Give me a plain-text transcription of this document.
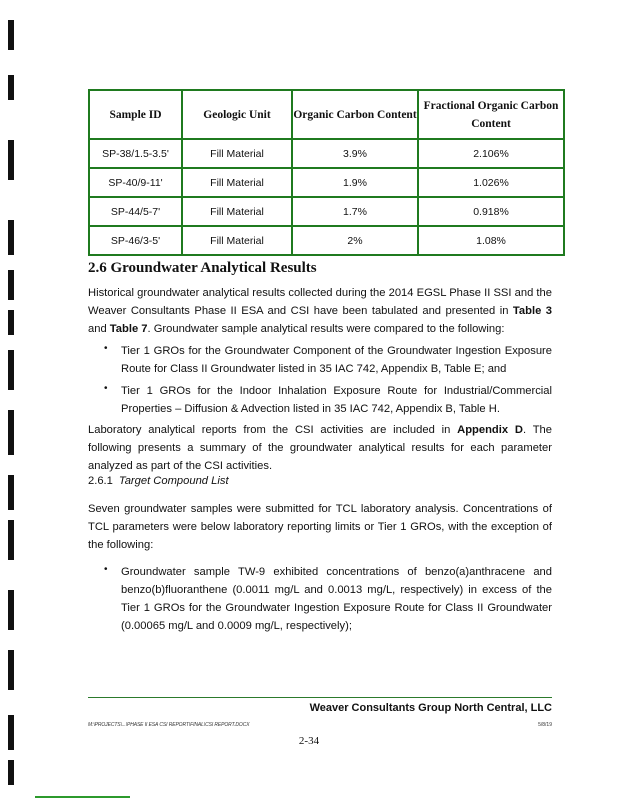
Sample ID	Geologic Unit	Organic Carbon Content	Fractional Organic Carbon Content
SP-38/1.5-3.5'	Fill Material	3.9%	2.106%
SP-40/9-11'	Fill Material	1.9%	1.026%
SP-44/5-7'	Fill Material	1.7%	0.918%
SP-46/3-5'	Fill Material	2%	1.08%
2.6 Groundwater Analytical Results

Historical groundwater analytical results collected during the 2014 EGSL Phase II SSI and the Weaver Consultants Phase II ESA and CSI have been tabulated and presented in Table 3 and Table 7. Groundwater sample analytical results were compared to the following:

• Tier 1 GROs for the Groundwater Component of the Groundwater Ingestion Exposure Route for Class II Groundwater listed in 35 IAC 742, Appendix B, Table E; and

• Tier 1 GROs for the Indoor Inhalation Exposure Route for Industrial/Commercial Properties – Diffusion & Advection listed in 35 IAC 742, Appendix B, Table H.

Laboratory analytical reports from the CSI activities are included in Appendix D. The following presents a summary of the groundwater analytical results for each parameter analyzed as part of the CSI activities.

2.6.1 Target Compound List

Seven groundwater samples were submitted for TCL laboratory analysis. Concentrations of TCL parameters were below laboratory reporting limits or Tier 1 GROs, with the exception of the following:

• Groundwater sample TW-9 exhibited concentrations of benzo(a)anthracene and benzo(b)fluoranthene (0.0011 mg/L and 0.0013 mg/L, respectively) in excess of the Tier 1 GROs for the Groundwater Ingestion Exposure Route for Class II Groundwater (0.00065 mg/L and 0.0009 mg/L, respectively);

Weaver Consultants Group North Central, LLC
M:\PROJECTS\...\PHASE II ESA CSI REPORT\FINAL\CSI REPORT.DOCX	5/8/19
2-34
